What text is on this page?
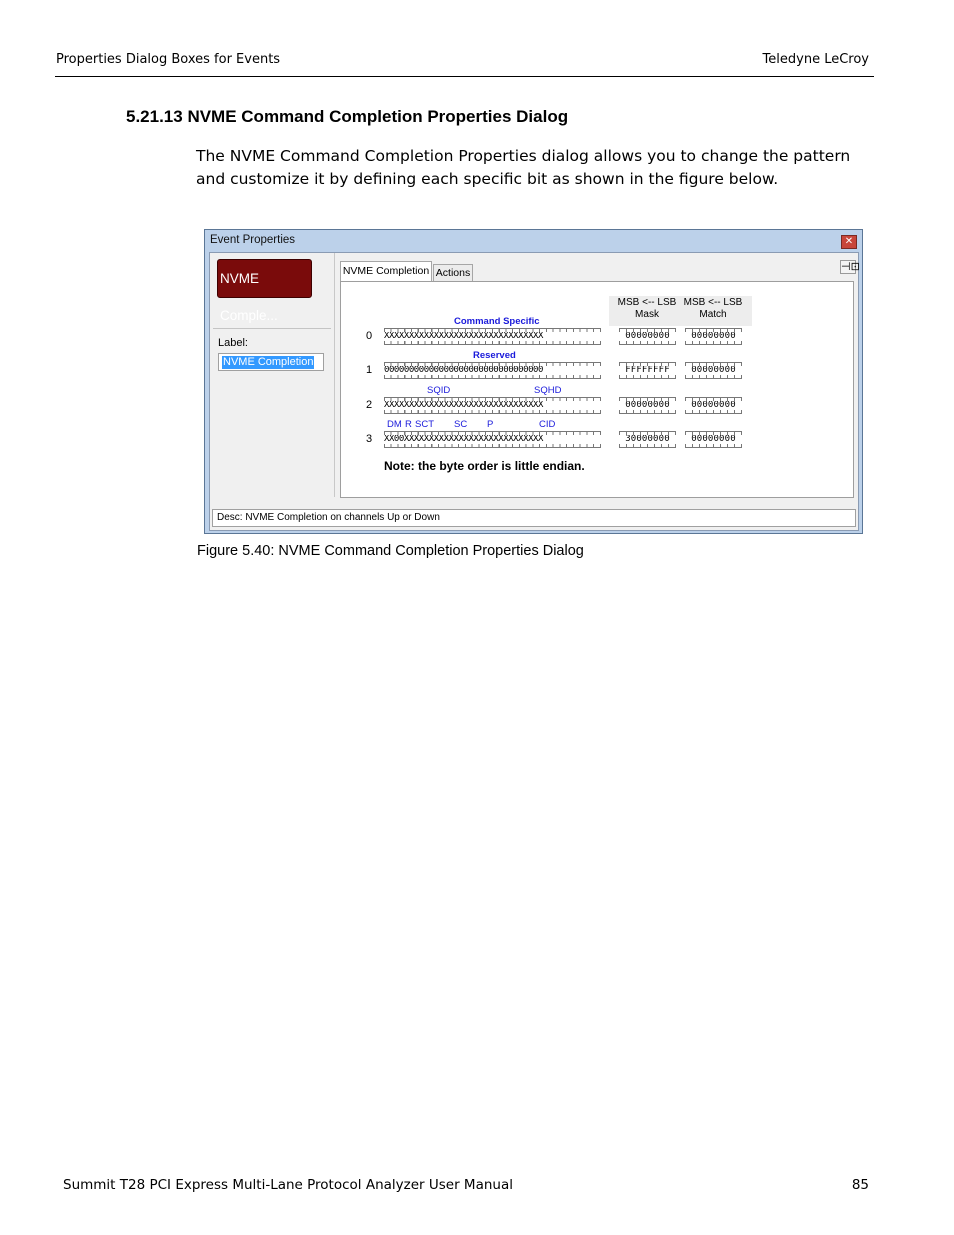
Properties Dialog Boxes for Events	Teledyne LeCroy
5.21.13 NVME Command Completion Properties Dialog
The NVME Command Completion Properties dialog allows you to change the pattern and customize it by defining each specific bit as shown in the figure below.
Event Properties	✕
NVME Comple...
Label:
NVME Completion
NVME Completion Actions	⊣⊡
MSB <-- LSB
Mask
MSB <-- LSB
Match
Command Specific
Reserved
SQID	SQHD
DM R SCT SC P	CID
0 XXXXXXXXXXXXXXXXXXXXXXXXXXXXXXXX	00000000	00000000
1 00000000000000000000000000000000	FFFFFFFF	00000000
2 XXXXXXXXXXXXXXXXXXXXXXXXXXXXXXXX	00000000	00000000
3 XX00XXXXXXXXXXXXXXXXXXXXXXXXXXXX	30000000	00000000
Note: the byte order is little endian.
Desc: NVME Completion on channels Up or Down
Figure 5.40: NVME Command Completion Properties Dialog
Summit T28 PCI Express Multi-Lane Protocol Analyzer User Manual	85
